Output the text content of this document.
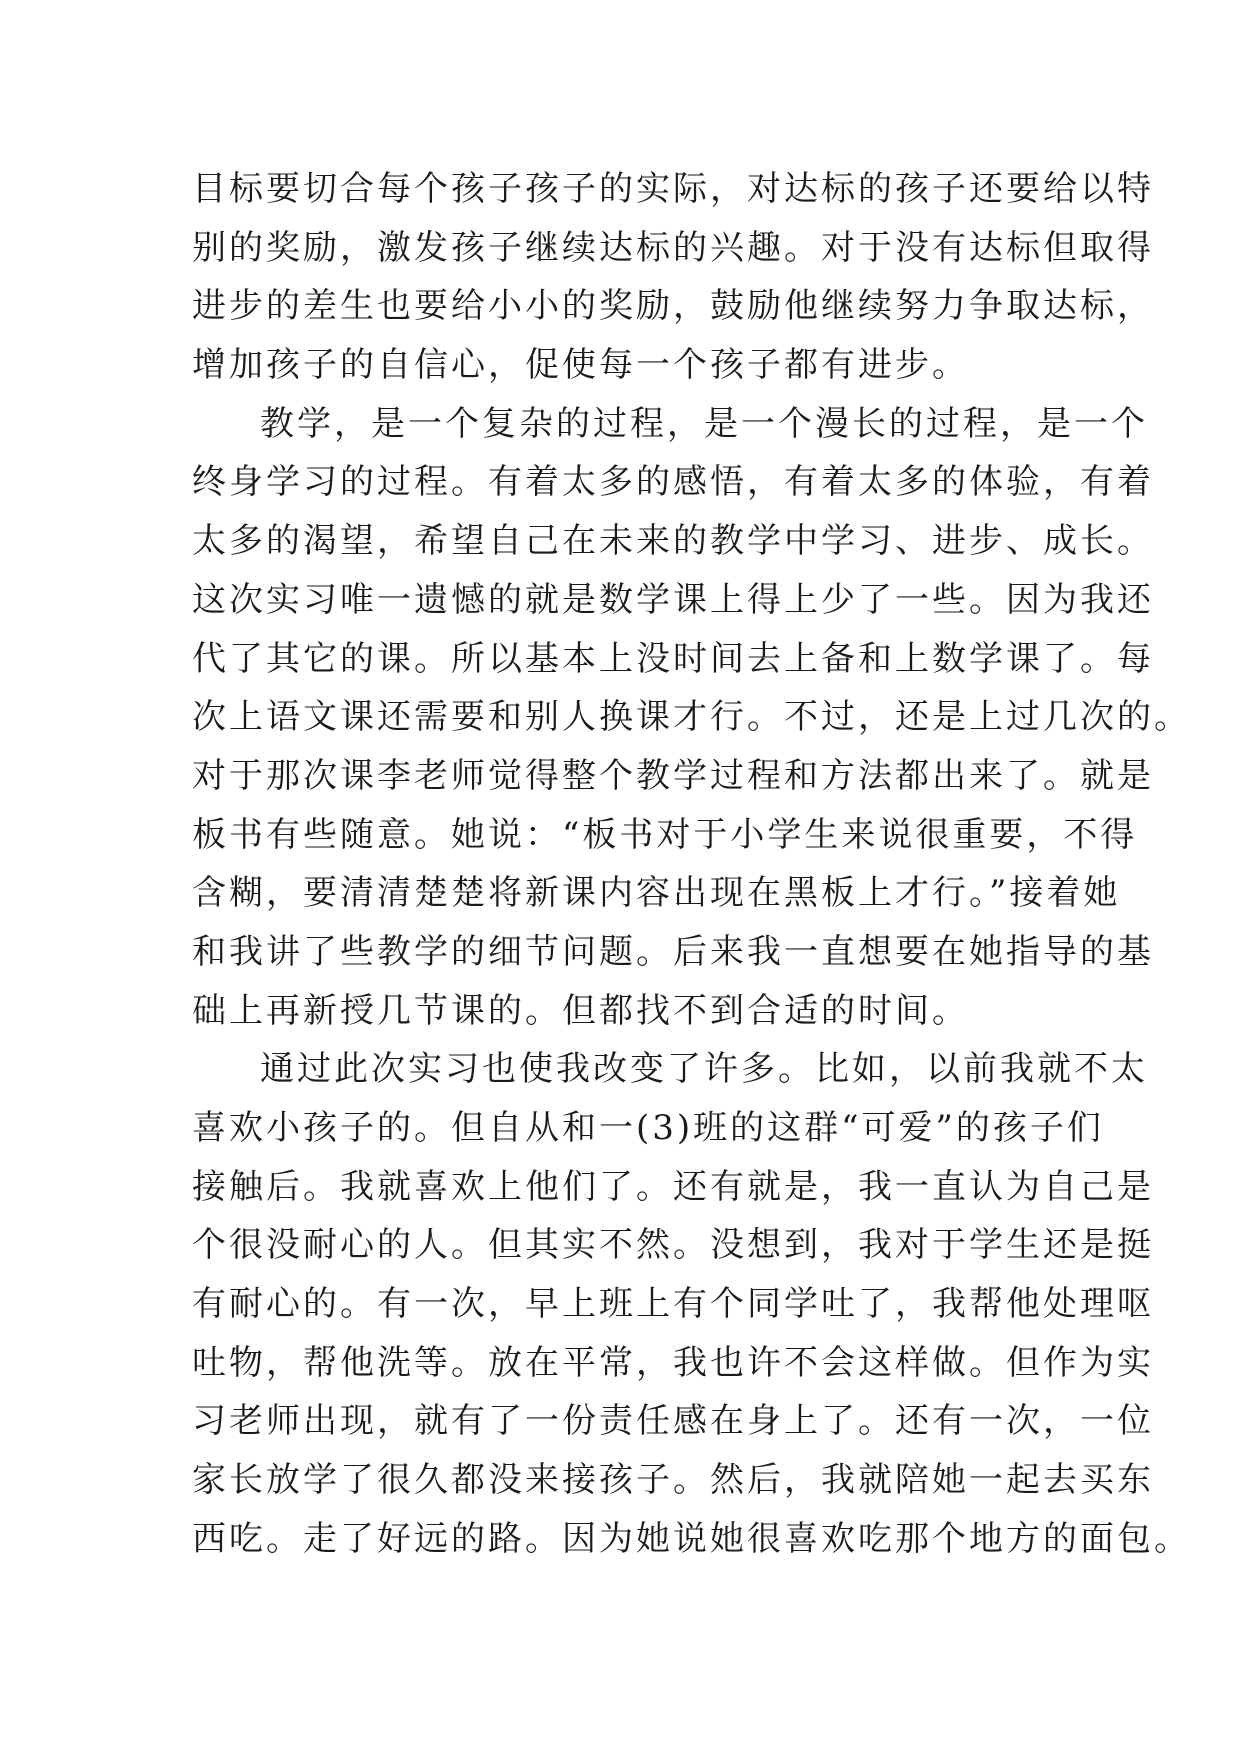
目标要切合每个孩子孩子的实际，对达标的孩子还要给以特
别的奖励，激发孩子继续达标的兴趣。对于没有达标但取得
进步的差生也要给小小的奖励，鼓励他继续努力争取达标，
增加孩子的自信心，促使每一个孩子都有进步。
教学，是一个复杂的过程，是一个漫长的过程，是一个
终身学习的过程。有着太多的感悟，有着太多的体验，有着
太多的渴望，希望自己在未来的教学中学习、进步、成长。
这次实习唯一遗憾的就是数学课上得上少了一些。因为我还
代了其它的课。所以基本上没时间去上备和上数学课了。每
次上语文课还需要和别人换课才行。不过，还是上过几次的。
对于那次课李老师觉得整个教学过程和方法都出来了。就是
板书有些随意。她说：“板书对于小学生来说很重要，不得
含糊，要清清楚楚将新课内容出现在黑板上才行。”接着她
和我讲了些教学的细节问题。后来我一直想要在她指导的基
础上再新授几节课的。但都找不到合适的时间。
通过此次实习也使我改变了许多。比如，以前我就不太
喜欢小孩子的。但自从和一(3)班的这群“可爱”的孩子们
接触后。我就喜欢上他们了。还有就是，我一直认为自己是
个很没耐心的人。但其实不然。没想到，我对于学生还是挺
有耐心的。有一次，早上班上有个同学吐了，我帮他处理呕
吐物，帮他洗等。放在平常，我也许不会这样做。但作为实
习老师出现，就有了一份责任感在身上了。还有一次，一位
家长放学了很久都没来接孩子。然后，我就陪她一起去买东
西吃。走了好远的路。因为她说她很喜欢吃那个地方的面包。
